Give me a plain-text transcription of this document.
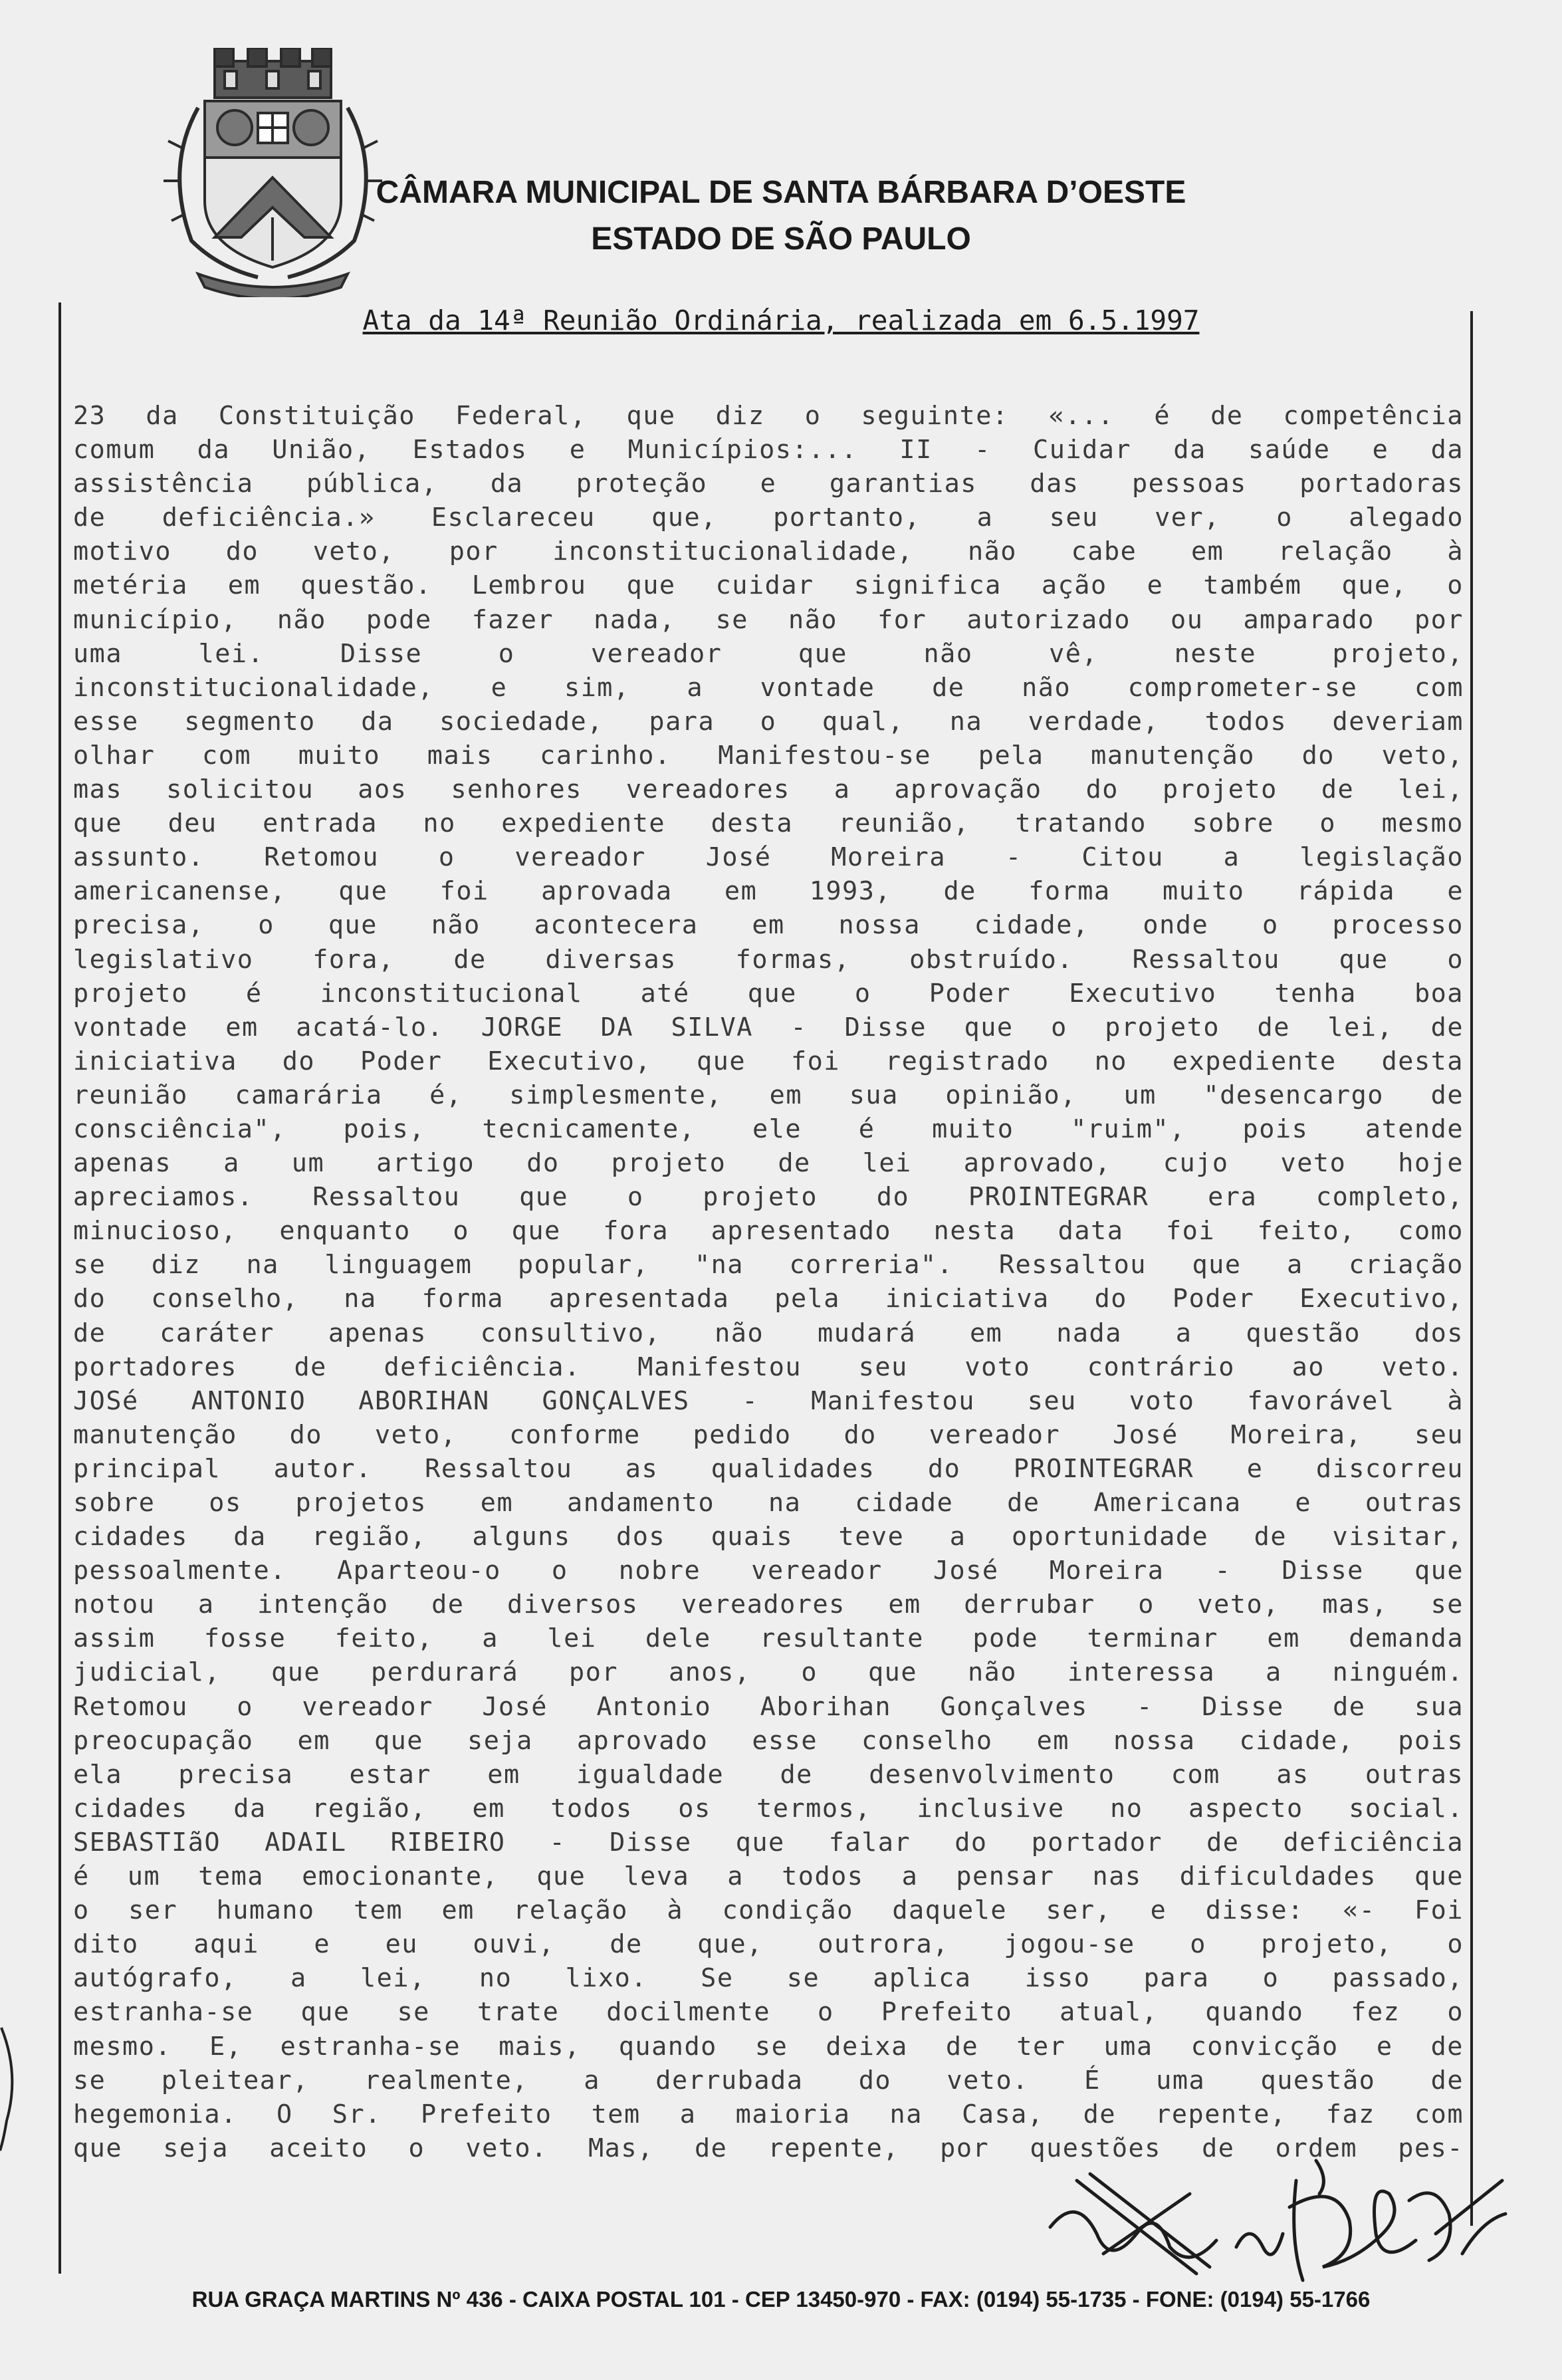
CÂMARA MUNICIPAL DE SANTA BÁRBARA D’OESTE
ESTADO DE SÃO PAULO
Ata da 14ª Reunião Ordinária, realizada em 6.5.1997
23 da Constituição Federal, que diz o seguinte: «... é de competência
comum da União, Estados e Municípios:... II - Cuidar da saúde e da
assistência pública, da proteção e garantias das pessoas portadoras
de deficiência.» Esclareceu que, portanto, a seu ver, o alegado
motivo do veto, por inconstitucionalidade, não cabe em relação à
metéria em questão. Lembrou que cuidar significa ação e também que, o
município, não pode fazer nada, se não for autorizado ou amparado por
uma lei. Disse o vereador que não vê, neste projeto,
inconstitucionalidade, e sim, a vontade de não comprometer-se com
esse segmento da sociedade, para o qual, na verdade, todos deveriam
olhar com muito mais carinho. Manifestou-se pela manutenção do veto,
mas solicitou aos senhores vereadores a aprovação do projeto de lei,
que deu entrada no expediente desta reunião, tratando sobre o mesmo
assunto. Retomou o vereador José Moreira - Citou a legislação
americanense, que foi aprovada em 1993, de forma muito rápida e
precisa, o que não acontecera em nossa cidade, onde o processo
legislativo fora, de diversas formas, obstruído. Ressaltou que o
projeto é inconstitucional até que o Poder Executivo tenha boa
vontade em acatá-lo. JORGE DA SILVA - Disse que o projeto de lei, de
iniciativa do Poder Executivo, que foi registrado no expediente desta
reunião camarária é, simplesmente, em sua opinião, um "desencargo de
consciência", pois, tecnicamente, ele é muito "ruim", pois atende
apenas a um artigo do projeto de lei aprovado, cujo veto hoje
apreciamos. Ressaltou que o projeto do PROINTEGRAR era completo,
minucioso, enquanto o que fora apresentado nesta data foi feito, como
se diz na linguagem popular, "na correria". Ressaltou que a criação
do conselho, na forma apresentada pela iniciativa do Poder Executivo,
de caráter apenas consultivo, não mudará em nada a questão dos
portadores de deficiência. Manifestou seu voto contrário ao veto.
JOSé ANTONIO ABORIHAN GONÇALVES - Manifestou seu voto favorável à
manutenção do veto, conforme pedido do vereador José Moreira, seu
principal autor. Ressaltou as qualidades do PROINTEGRAR e discorreu
sobre os projetos em andamento na cidade de Americana e outras
cidades da região, alguns dos quais teve a oportunidade de visitar,
pessoalmente. Aparteou-o o nobre vereador José Moreira - Disse que
notou a intenção de diversos vereadores em derrubar o veto, mas, se
assim fosse feito, a lei dele resultante pode terminar em demanda
judicial, que perdurará por anos, o que não interessa a ninguém.
Retomou o vereador José Antonio Aborihan Gonçalves - Disse de sua
preocupação em que seja aprovado esse conselho em nossa cidade, pois
ela precisa estar em igualdade de desenvolvimento com as outras
cidades da região, em todos os termos, inclusive no aspecto social.
SEBASTIãO ADAIL RIBEIRO - Disse que falar do portador de deficiência
é um tema emocionante, que leva a todos a pensar nas dificuldades que
o ser humano tem em relação à condição daquele ser, e disse: «- Foi
dito aqui e eu ouvi, de que, outrora, jogou-se o projeto, o
autógrafo, a lei, no lixo. Se se aplica isso para o passado,
estranha-se que se trate docilmente o Prefeito atual, quando fez o
mesmo. E, estranha-se mais, quando se deixa de ter uma convicção e de
se pleitear, realmente, a derrubada do veto. É uma questão de
hegemonia. O Sr. Prefeito tem a maioria na Casa, de repente, faz com
que seja aceito o veto. Mas, de repente, por questões de ordem pes-
RUA GRAÇA MARTINS Nº 436 - CAIXA POSTAL 101 - CEP 13450-970 - FAX: (0194) 55-1735 - FONE: (0194) 55-1766
